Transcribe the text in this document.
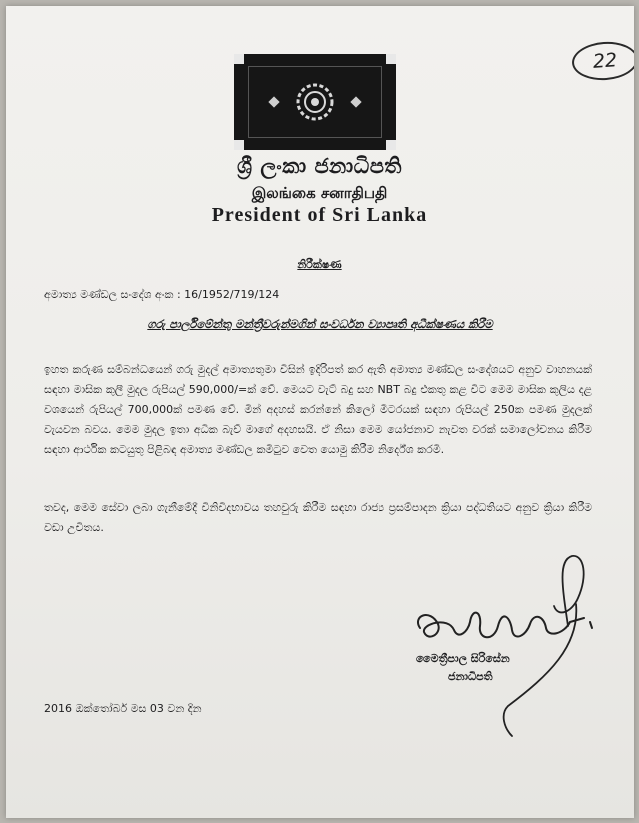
22
ශ්‍රී ලංකා ජනාධිපති
இலங்கை சனாதிபதி
President of Sri Lanka
නිරීක්ෂණ
අමාත්‍ය මණ්ඩල සංදේශ අංක : 16/1952/719/124
ගරු පාර්ලිමේන්තු මන්ත්‍රීවරුන්මගින් සංවර්ධන ව්‍යාපෘති අධීක්ෂණය කිරීම
ඉහත කරුණ සම්බන්ධයෙන් ගරු මුදල් අමාත්‍යතුමා විසින් ඉදිරිපත් කර ඇති අමාත්‍ය මණ්ඩල සංදේශයට අනුව වාහනයක් සඳහා මාසික කුලී මුදල රුපියල් 590,000/=ක් වේ. මෙයට වැට් බදු සහ NBT බදු එකතු කළ විට මෙම මාසික කුලිය දළ වශයෙන් රුපියල් 700,000ක් පමණ වේ. මින් අදහස් කරන්නේ කිලෝ මීටරයක් සඳහා රුපියල් 250ක පමණ මුදලක් වැයවන බවය. මෙම මුදල ඉතා අධික බැව් මාගේ අදහසයි. ඒ නිසා මෙම යෝජනාව නැවත වරක් සමාලෝචනය කිරීම සඳහා ආර්ථික කටයුතු පිළිබඳ අමාත්‍ය මණ්ඩල කමිටුව වෙත යොමු කිරීම නිර්දේශ කරමි.
තවද, මෙම සේවා ලබා ගැනීමේදී විනිවිදභාවය තහවුරු කිරීම සඳහා රාජ්‍ය ප්‍රසම්පාදන ක්‍රියා පද්ධතියට අනුව ක්‍රියා කිරීම වඩා උචිතය.
මෛත්‍රීපාල සිරිසේන
ජනාධිපති
2016 ඔක්තෝබර් මස 03 වන දින
